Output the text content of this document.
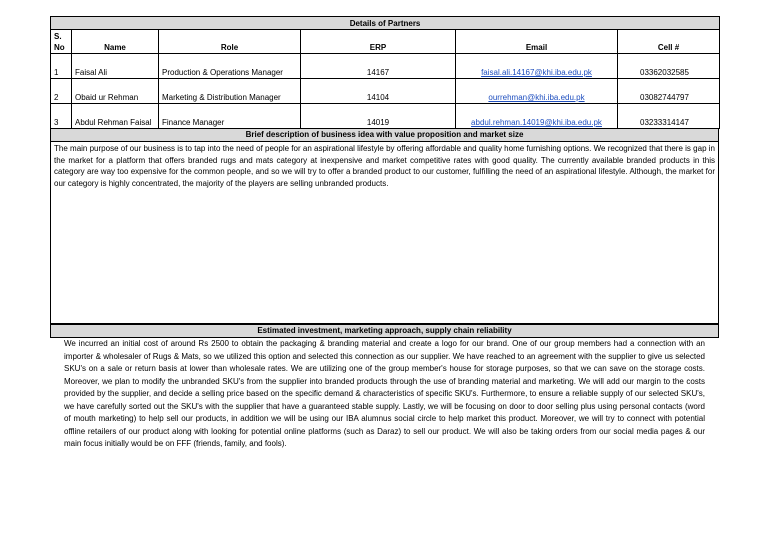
Details of Partners					
S. No	Name	Role	ERP	Email	Cell #
1	Faisal Ali	Production & Operations Manager	14167	faisal.ali.14167@khi.iba.edu.pk	03362032585
2	Obaid ur Rehman	Marketing & Distribution Manager	14104	ourrehman@khi.iba.edu.pk	03082744797
3	Abdul Rehman Faisal	Finance Manager	14019	abdul.rehman.14019@khi.iba.edu.pk	03233314147
Brief description of business idea with value proposition and market size
The main purpose of our business is to tap into the need of people for an aspirational lifestyle by offering affordable and quality home furnishing options. We recognized that there is gap in the market for a platform that offers branded rugs and mats category at inexpensive and market competitive rates with good quality. The currently available branded products in this category are way too expensive for the common people, and so we will try to offer a branded product to our customer, fulfilling the need of an aspirational lifestyle. Although, the market for our category is highly concentrated, the majority of the players are selling unbranded products.
Estimated investment, marketing approach, supply chain reliability
We incurred an initial cost of around Rs 2500 to obtain the packaging & branding material and create a logo for our brand. One of our group members had a connection with an importer & wholesaler of Rugs & Mats, so we utilized this option and selected this connection as our supplier. We have reached to an agreement with the supplier to give us selected SKU's on a sale or return basis at lower than wholesale rates. We are utilizing one of the group member's house for storage purposes, so that we can save on the storage costs. Moreover, we plan to modify the unbranded SKU's from the supplier into branded products through the use of branding material and marketing. We will add our margin to the costs provided by the supplier, and decide a selling price based on the specific demand & characteristics of specific SKU's. Furthermore, to ensure a reliable supply of our selected SKU's, we have carefully sorted out the SKU's with the supplier that have a guaranteed stable supply. Lastly, we will be focusing on door to door selling plus using personal contacts (word of mouth marketing) to help sell our products, in addition we will be using our IBA alumnus social circle to help market this product. Moreover, we will try to connect with potential offline retailers of our product along with looking for potential online platforms (such as Daraz) to sell our product. We will also be taking orders from our social media pages & our main focus initially would be on FFF (friends, family, and fools).
